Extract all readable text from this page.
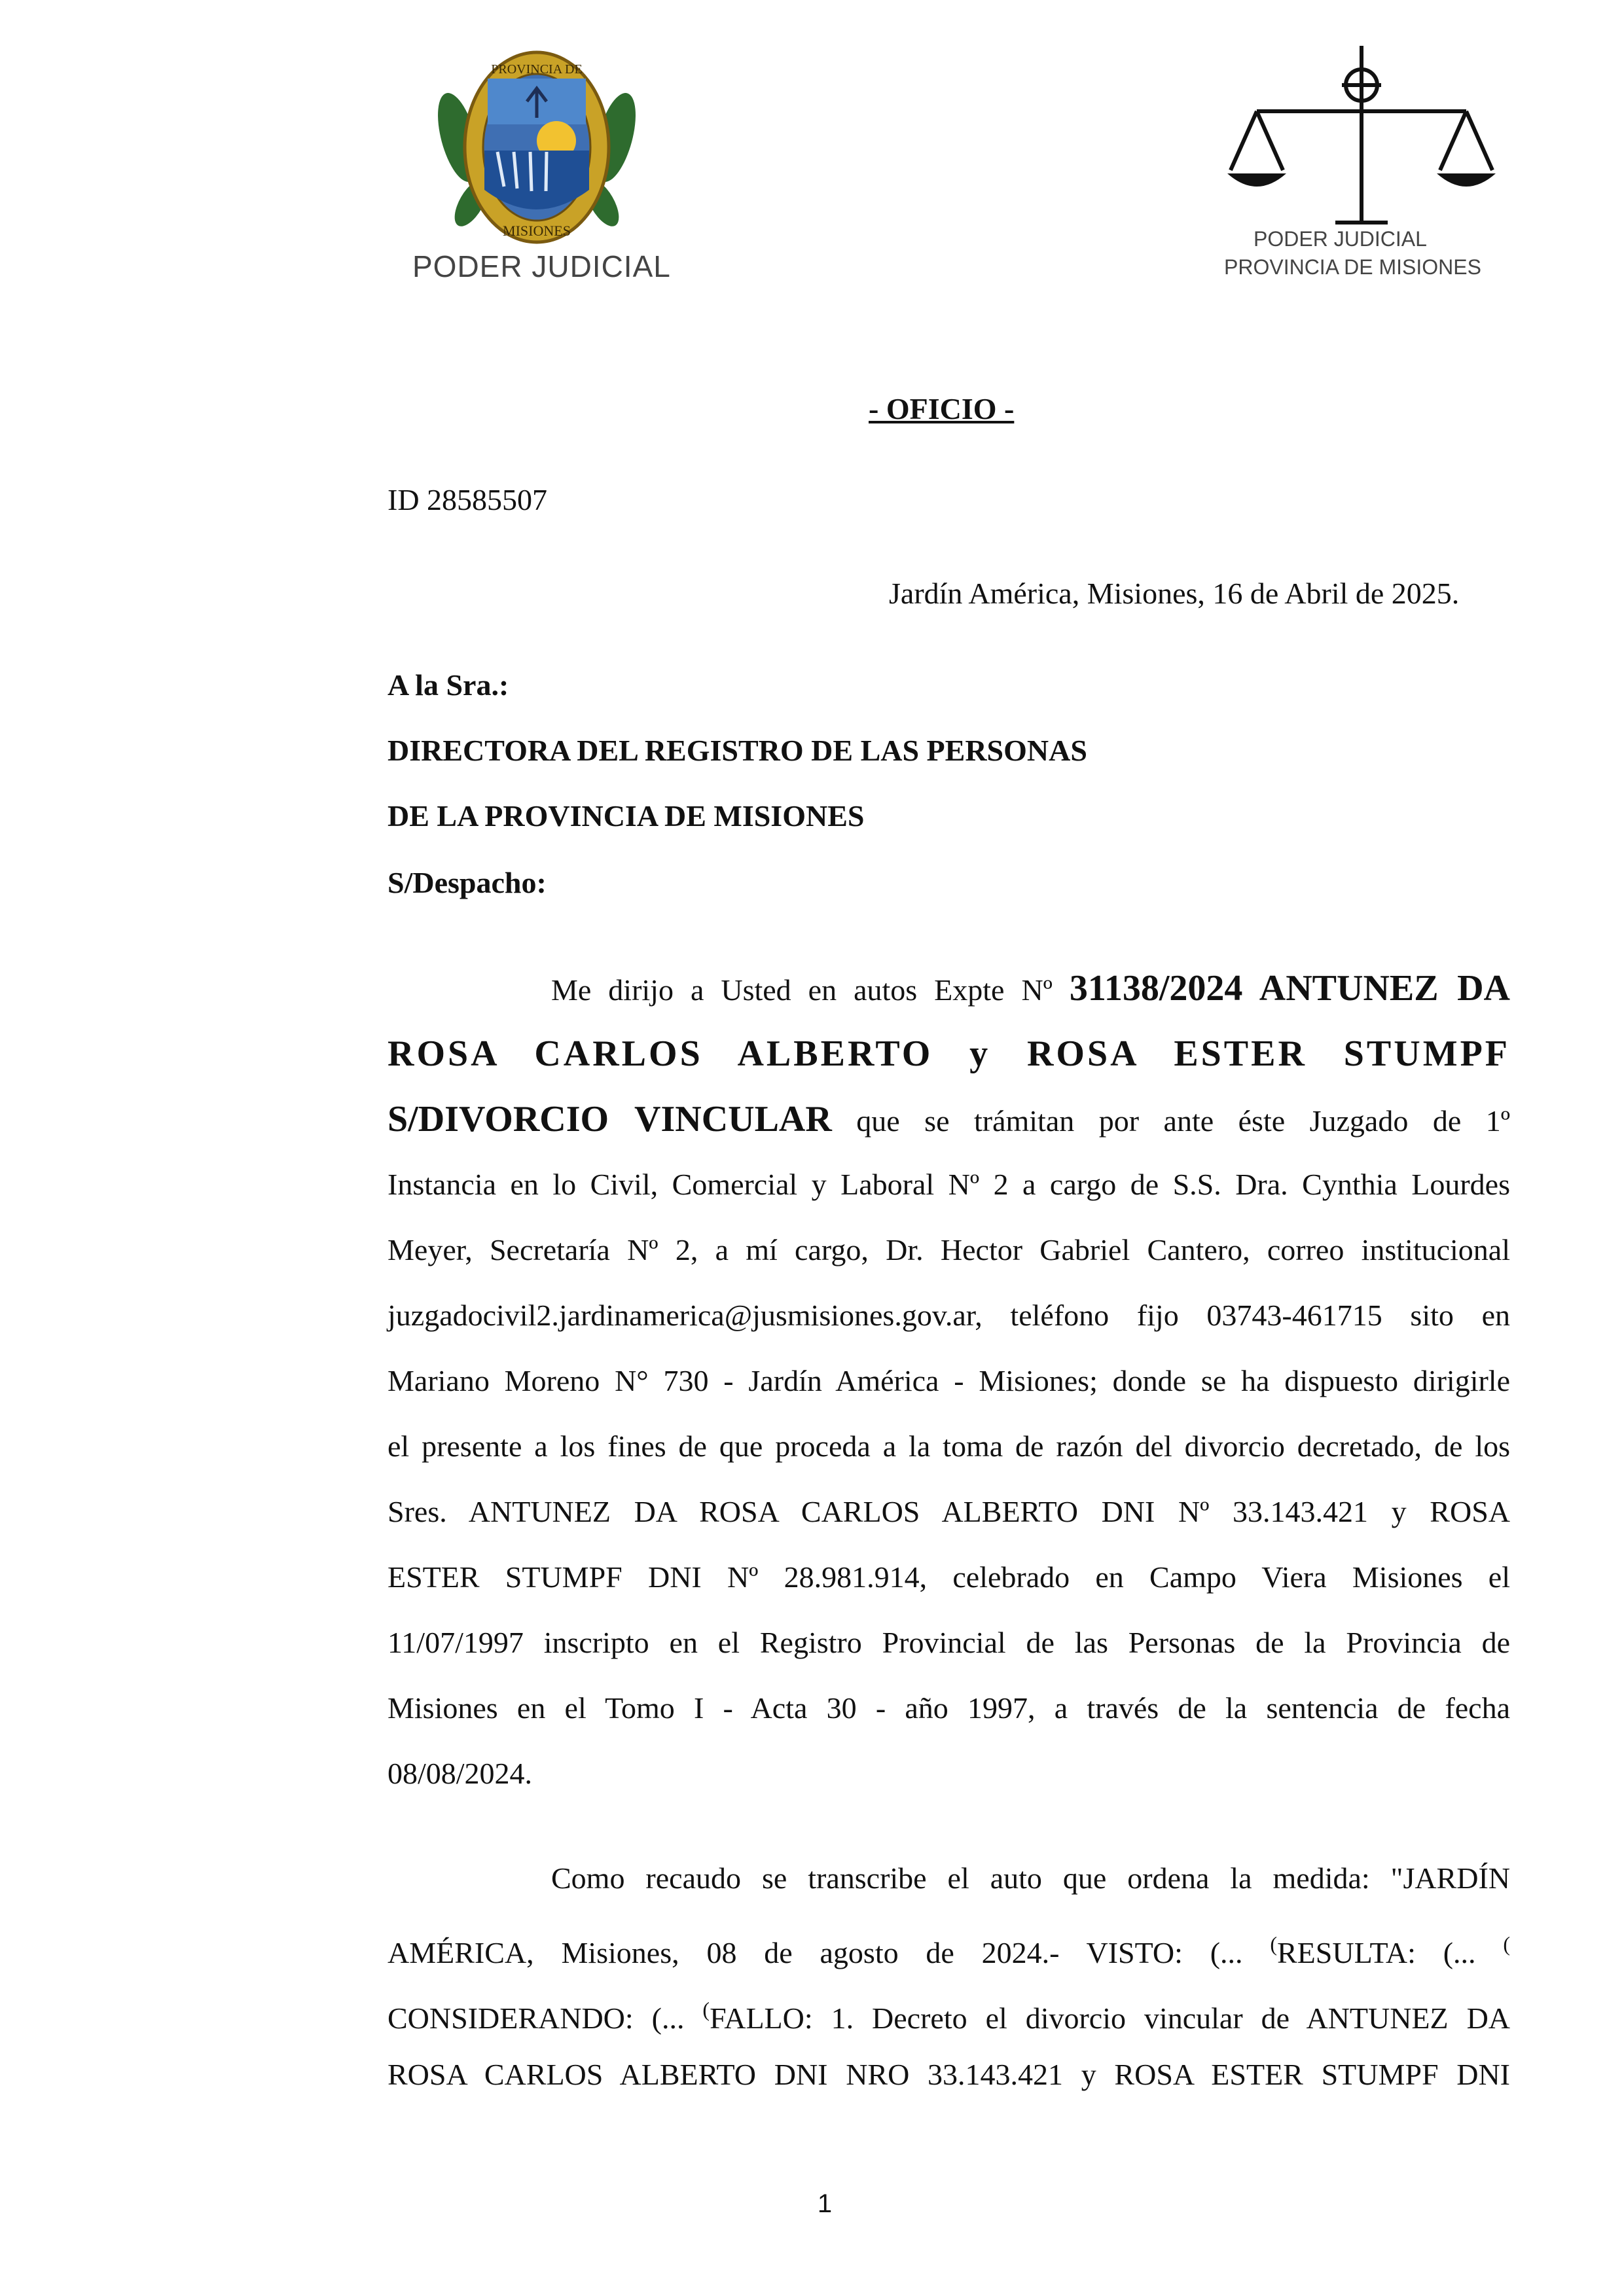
PROVINCIA DE
MISIONES
PODER JUDICIAL
PODER JUDICIAL
PROVINCIA DE MISIONES
- OFICIO -
ID 28585507
Jardín América, Misiones, 16 de Abril de 2025.
A la Sra.:
DIRECTORA DEL REGISTRO DE LAS PERSONAS
DE LA PROVINCIA DE MISIONES
S/Despacho:
Me dirijo a Usted en autos Expte Nº 31138/2024 ANTUNEZ DA
ROSA CARLOS ALBERTO y ROSA ESTER STUMPF
S/DIVORCIO VINCULAR que se trámitan por ante éste Juzgado de 1º
Instancia en lo Civil, Comercial y Laboral Nº 2 a cargo de S.S. Dra. Cynthia Lourdes
Meyer, Secretaría Nº 2, a mí cargo, Dr. Hector Gabriel Cantero, correo institucional
juzgadocivil2.jardinamerica@jusmisiones.gov.ar, teléfono fijo 03743-461715 sito en
Mariano Moreno N° 730 - Jardín América - Misiones; donde se ha dispuesto dirigirle
el presente a los fines de que proceda a la toma de razón del divorcio decretado, de los
Sres. ANTUNEZ DA ROSA CARLOS ALBERTO DNI Nº 33.143.421 y ROSA
ESTER STUMPF DNI Nº 28.981.914, celebrado en Campo Viera Misiones el
11/07/1997 inscripto en el Registro Provincial de las Personas de la Provincia de
Misiones en el Tomo I - Acta 30 - año 1997, a través de la sentencia de fecha
08/08/2024.
Como recaudo se transcribe el auto que ordena la medida: "JARDÍN
AMÉRICA, Misiones, 08 de agosto de 2024.- VISTO: (... (RESULTA: (... (
CONSIDERANDO: (... (FALLO: 1. Decreto el divorcio vincular de ANTUNEZ DA
ROSA CARLOS ALBERTO DNI NRO 33.143.421 y ROSA ESTER STUMPF DNI
1
